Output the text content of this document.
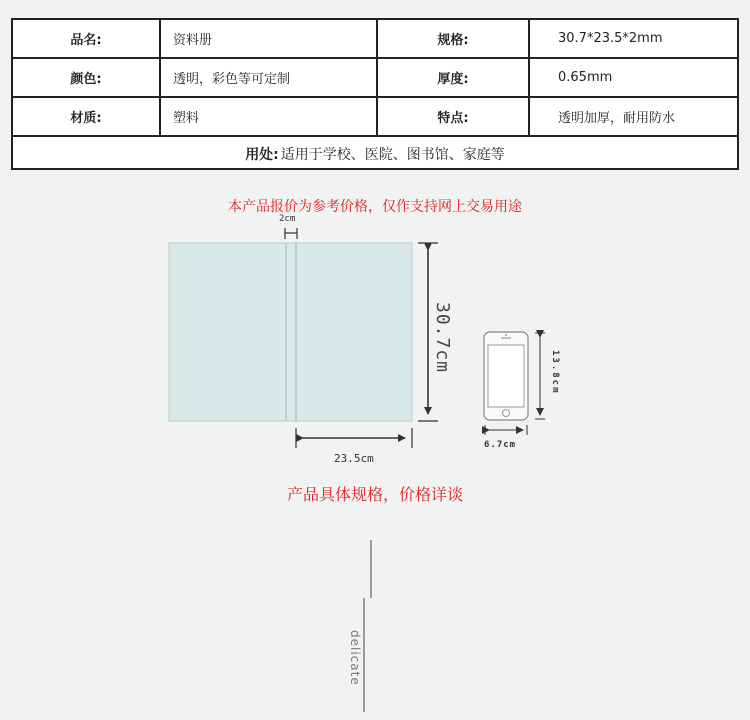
品名:	资料册	规格:	30.7*23.5*2mm
颜色:	透明，彩色等可定制	厚度:	0.65mm
材质:	塑料	特点:	透明加厚，耐用防水
用处: 适用于学校、医院、图书馆、家庭等
本产品报价为参考价格，仅作支持网上交易用途
2cm
30.7cm
23.5cm
13.8cm
6.7cm
产品具体规格，价格详谈
delicate
